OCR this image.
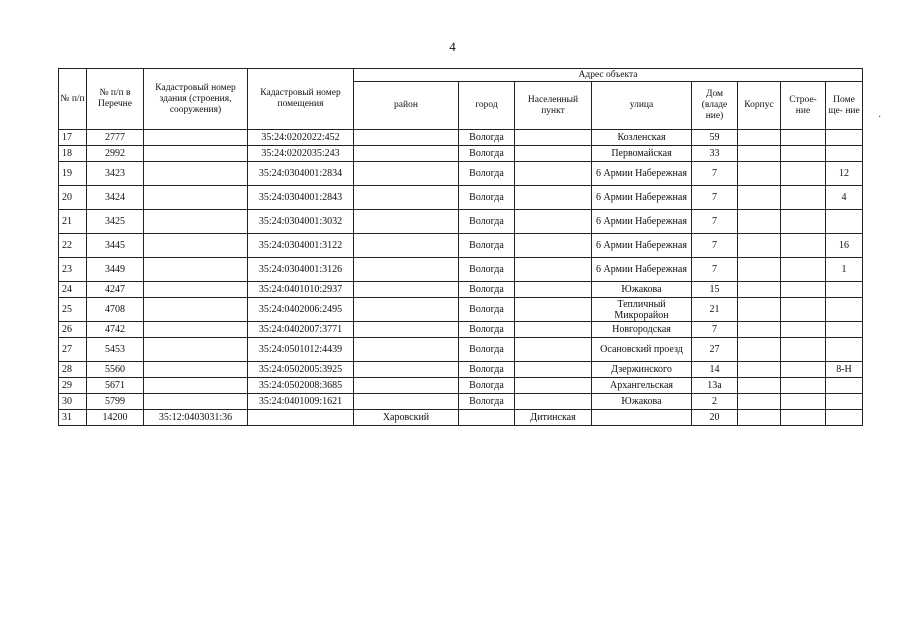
4
№ п/п	№ п/п в Перечне	Кадастровый номер здания (строения, сооружения)	Кадастровый номер помещения	Адрес объекта							
				район	город	Населенный пункт	улица	Дом (владе ние)	Корпус	Строе- ние	Поме ще- ние
17	2777		35:24:0202022:452		Вологда		Козленская	59			
18	2992		35:24:0202035:243		Вологда		Первомайская	33			
19	3423		35:24:0304001:2834		Вологда		6 Армии Набережная	7			12
20	3424		35:24:0304001:2843		Вологда		6 Армии Набережная	7			4
21	3425		35:24:0304001:3032		Вологда		6 Армии Набережная	7			
22	3445		35:24:0304001:3122		Вологда		6 Армии Набережная	7			16
23	3449		35:24:0304001:3126		Вологда		6 Армии Набережная	7			1
24	4247		35:24:0401010:2937		Вологда		Южакова	15			
25	4708		35:24:0402006:2495		Вологда		Тепличный Микрорайон	21			
26	4742		35:24:0402007:3771		Вологда		Новгородская	7			
27	5453		35:24:0501012:4439		Вологда		Осановский проезд	27			
28	5560		35:24:0502005:3925		Вологда		Дзержинского	14			8-Н
29	5671		35:24:0502008:3685		Вологда		Архангельская	13а			
30	5799		35:24:0401009:1621		Вологда		Южакова	2			
31	14200	35:12:0403031:36		Харовский		Дитинская		20			
·
